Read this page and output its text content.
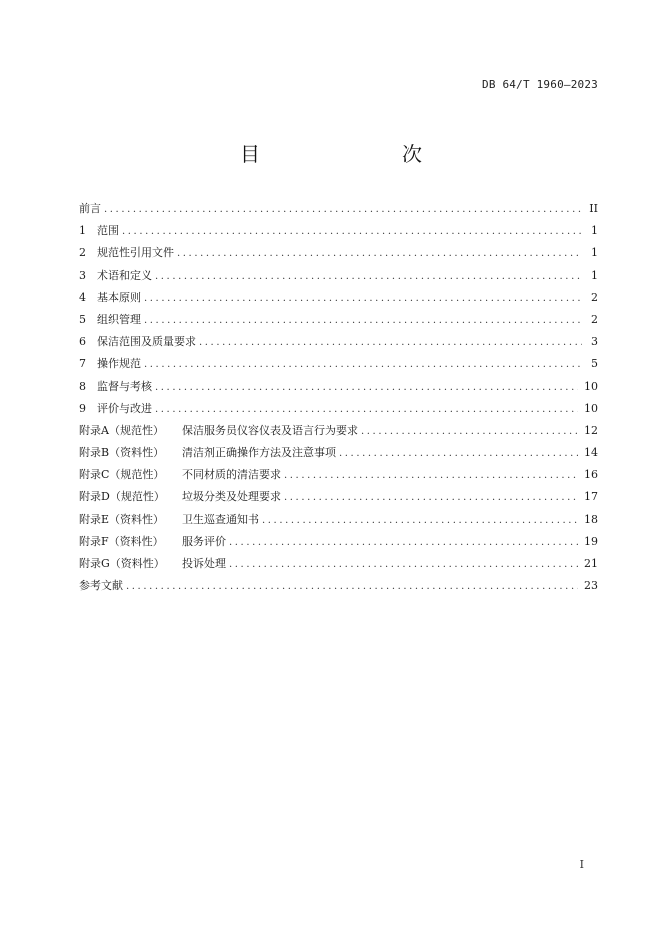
DB 64/T 1960—2023
目　　次
前言 .....	II
1	范围 .....	1
2	规范性引用文件 .....	1
3	术语和定义 .....	1
4	基本原则 .....	2
5	组织管理 .....	2
6	保洁范围及质量要求 .....	3
7	操作规范 .....	5
8	监督与考核 .....	10
9	评价与改进 .....	10
附录A（规范性）	保洁服务员仪容仪表及语言行为要求 .....	12
附录B（资料性）	清洁剂正确操作方法及注意事项 .....	14
附录C（规范性）	不同材质的清洁要求 .....	16
附录D（规范性）	垃圾分类及处理要求 .....	17
附录E（资料性）	卫生巡查通知书 .....	18
附录F（资料性）	服务评价 .....	19
附录G（资料性）	投诉处理 .....	21
参考文献 .....	23
I
